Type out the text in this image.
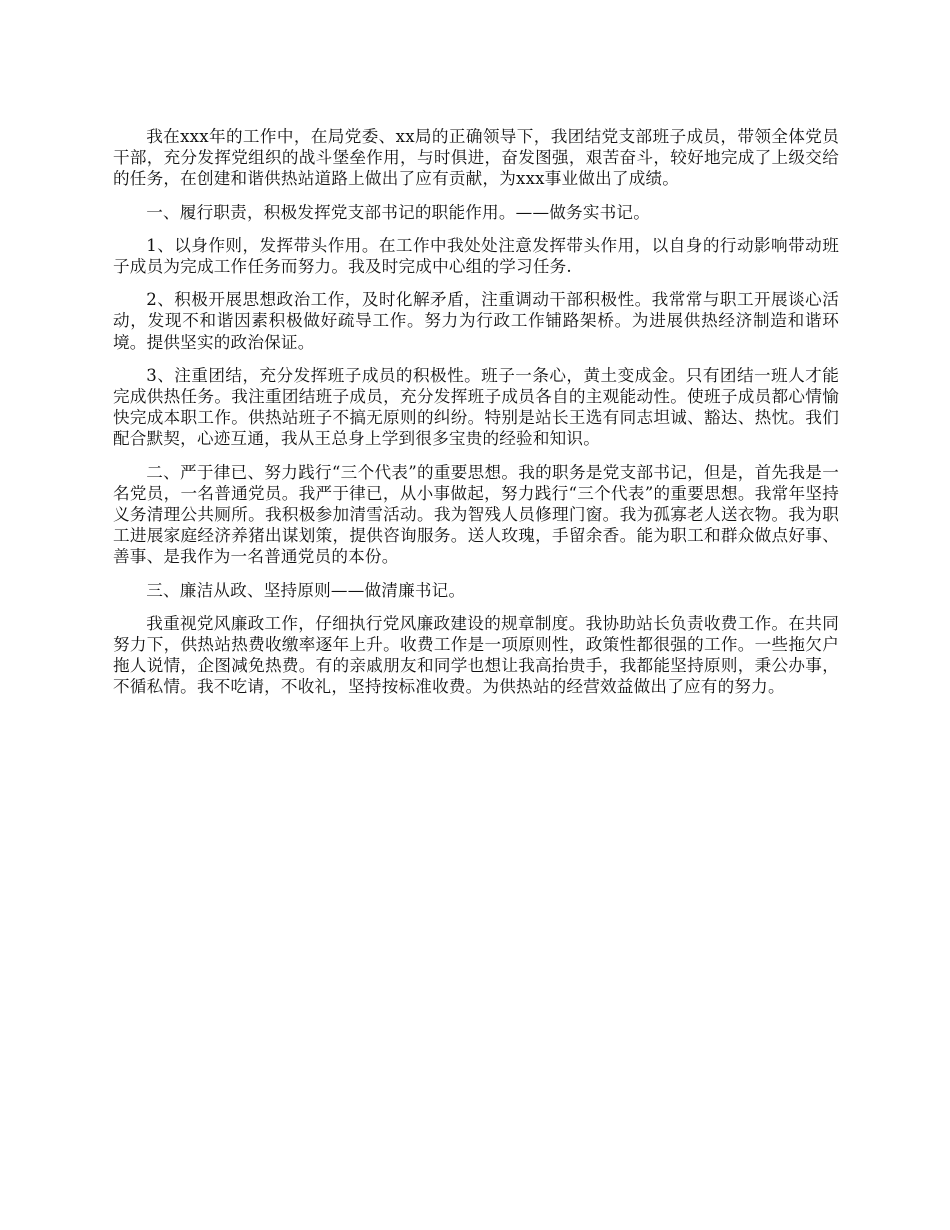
我在xxx年的工作中，在局党委、xx局的正确领导下，我团结党支部班子成员，带领全体党员干部，充分发挥党组织的战斗堡垒作用，与时俱进，奋发图强，艰苦奋斗，较好地完成了上级交给的任务，在创建和谐供热站道路上做出了应有贡献，为xxx事业做出了成绩。

一、履行职责，积极发挥党支部书记的职能作用。——做务实书记。

1、以身作则，发挥带头作用。在工作中我处处注意发挥带头作用，以自身的行动影响带动班子成员为完成工作任务而努力。我及时完成中心组的学习任务.

2、积极开展思想政治工作，及时化解矛盾，注重调动干部积极性。我常常与职工开展谈心活动，发现不和谐因素积极做好疏导工作。努力为行政工作铺路架桥。为进展供热经济制造和谐环境。提供坚实的政治保证。

3、注重团结，充分发挥班子成员的积极性。班子一条心，黄土变成金。只有团结一班人才能完成供热任务。我注重团结班子成员，充分发挥班子成员各自的主观能动性。使班子成员都心情愉快完成本职工作。供热站班子不搞无原则的纠纷。特别是站长王选有同志坦诚、豁达、热忱。我们配合默契，心迹互通，我从王总身上学到很多宝贵的经验和知识。

二、严于律已、努力践行“三个代表”的重要思想。我的职务是党支部书记，但是，首先我是一名党员，一名普通党员。我严于律已，从小事做起，努力践行“三个代表”的重要思想。我常年坚持义务清理公共厕所。我积极参加清雪活动。我为智残人员修理门窗。我为孤寡老人送衣物。我为职工进展家庭经济养猪出谋划策，提供咨询服务。送人玫瑰，手留余香。能为职工和群众做点好事、善事、是我作为一名普通党员的本份。

三、廉洁从政、坚持原则——做清廉书记。

我重视党风廉政工作，仔细执行党风廉政建设的规章制度。我协助站长负责收费工作。在共同努力下，供热站热费收缴率逐年上升。收费工作是一项原则性，政策性都很强的工作。一些拖欠户拖人说情，企图减免热费。有的亲戚朋友和同学也想让我高抬贵手，我都能坚持原则，秉公办事，不循私情。我不吃请，不收礼，坚持按标准收费。为供热站的经营效益做出了应有的努力。
